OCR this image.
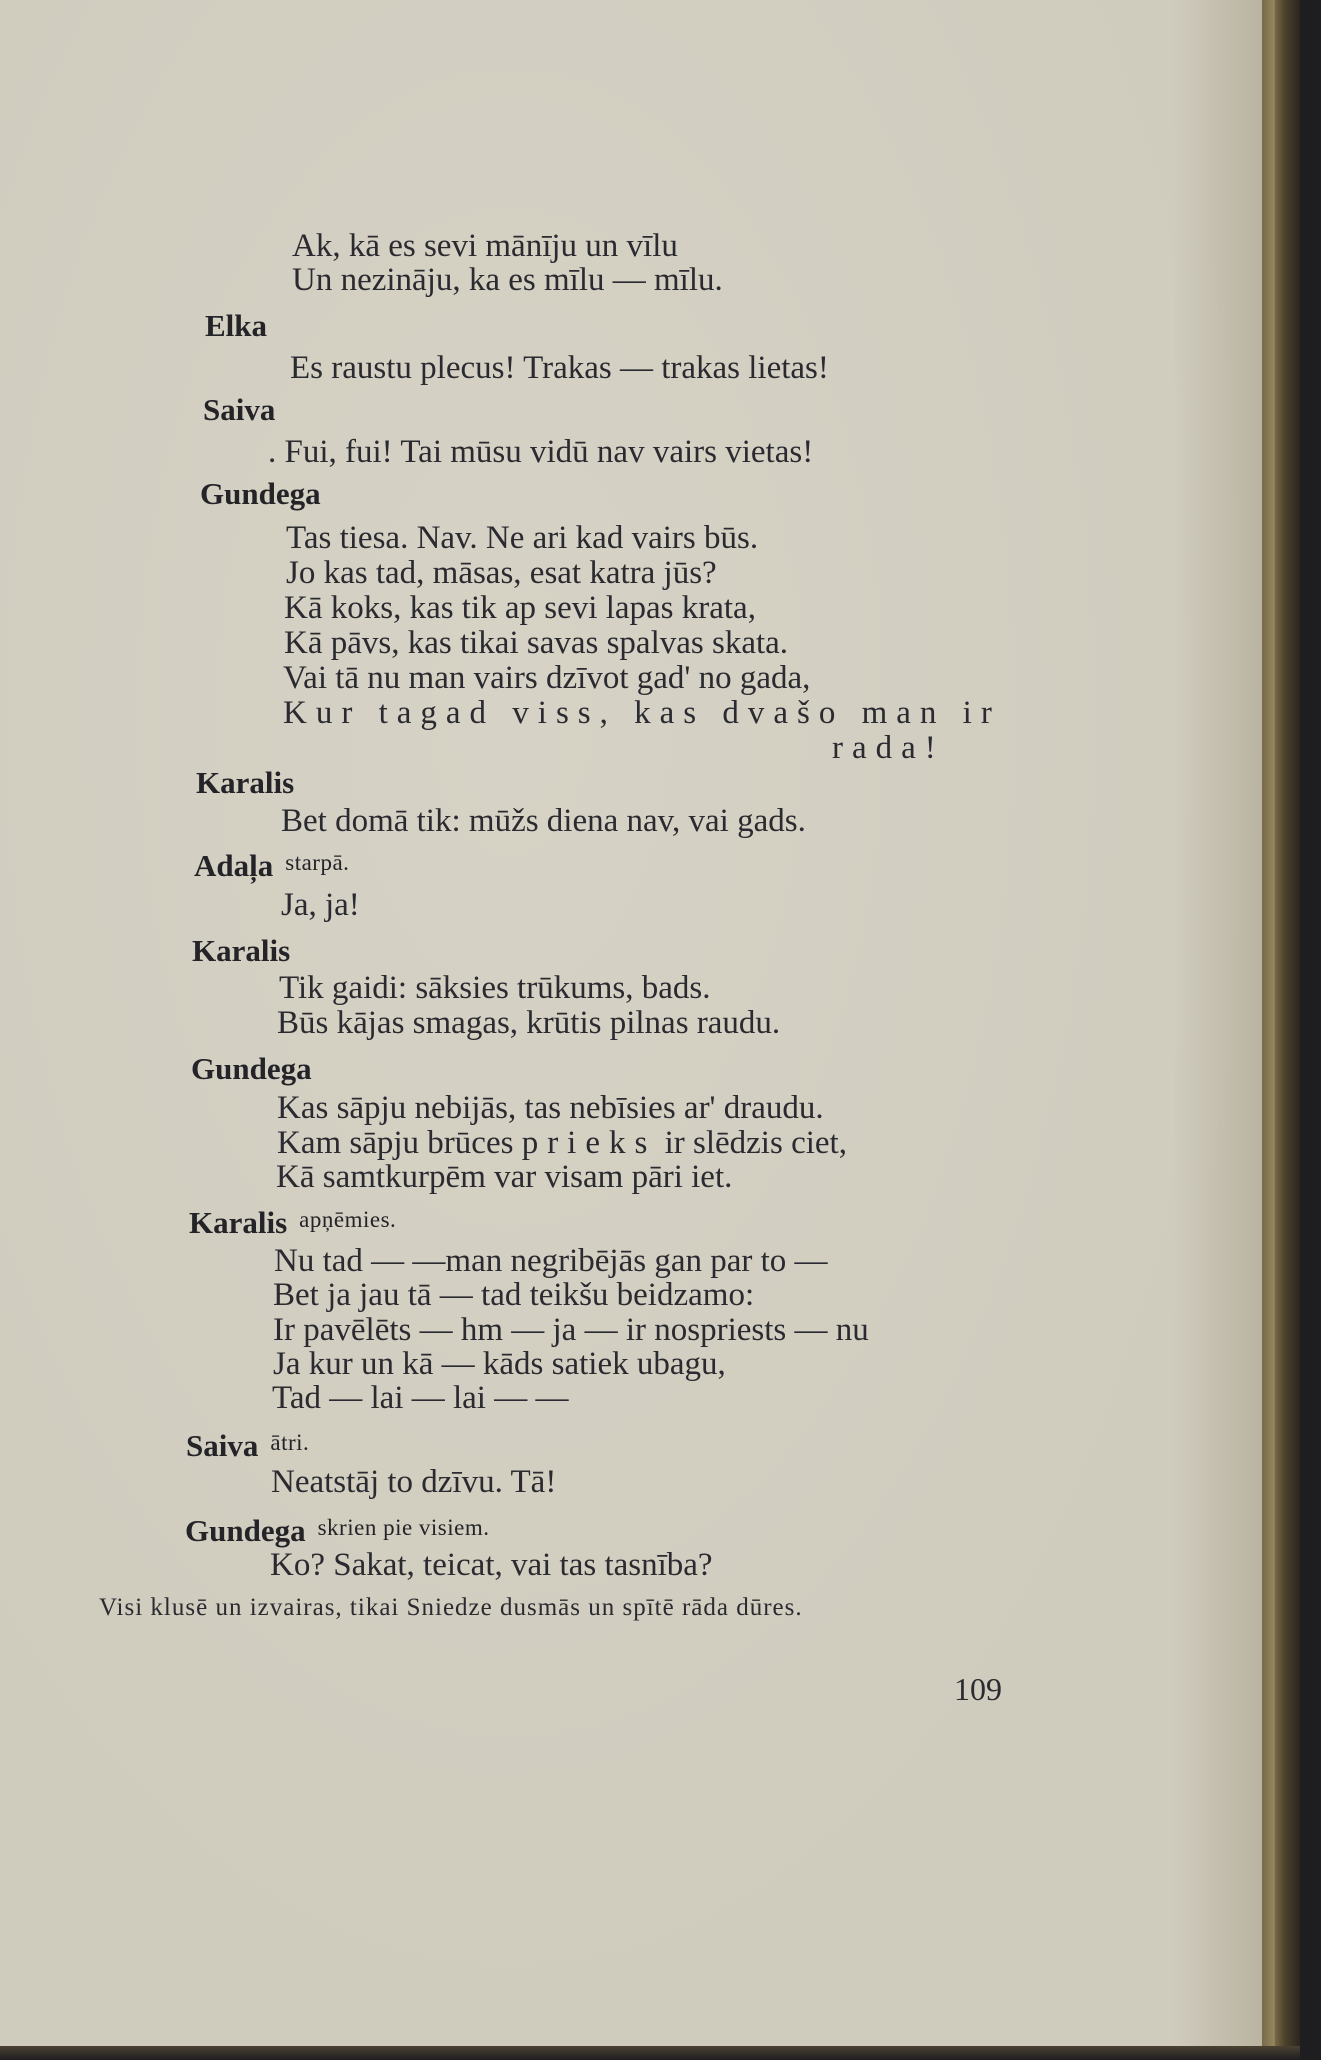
Ak, kā es sevi mānīju un vīlu
Un nezināju, ka es mīlu — mīlu.
Elka
Es raustu plecus! Trakas — trakas lietas!
Saiva
. Fui, fui! Tai mūsu vidū nav vairs vietas!
Gundega
Tas tiesa. Nav. Ne ari kad vairs būs.
Jo kas tad, māsas, esat katra jūs?
Kā koks, kas tik ap sevi lapas krata,
Kā pāvs, kas tikai savas spalvas skata.
Vai tā nu man vairs dzīvot gad' no gada,
Kur tagad viss, kas dvašo man ir
rada!
Karalis
Bet domā tik: mūžs diena nav, vai gads.
Adaļa starpā.
Ja, ja!
Karalis
Tik gaidi: sāksies trūkums, bads.
Būs kājas smagas, krūtis pilnas raudu.
Gundega
Kas sāpju nebijās, tas nebīsies ar' draudu.
Kam sāpju brūces prieks ir slēdzis ciet,
Kā samtkurpēm var visam pāri iet.
Karalis apņēmies.
Nu tad — —man negribējās gan par to —
Bet ja jau tā — tad teikšu beidzamo:
Ir pavēlēts — hm — ja — ir nospriests — nu
Ja kur un kā — kāds satiek ubagu,
Tad — lai — lai — —
Saiva ātri.
Neatstāj to dzīvu. Tā!
Gundega skrien pie visiem.
Ko? Sakat, teicat, vai tas tasnība?
Visi klusē un izvairas, tikai Sniedze dusmās un spītē rāda dūres.
109
